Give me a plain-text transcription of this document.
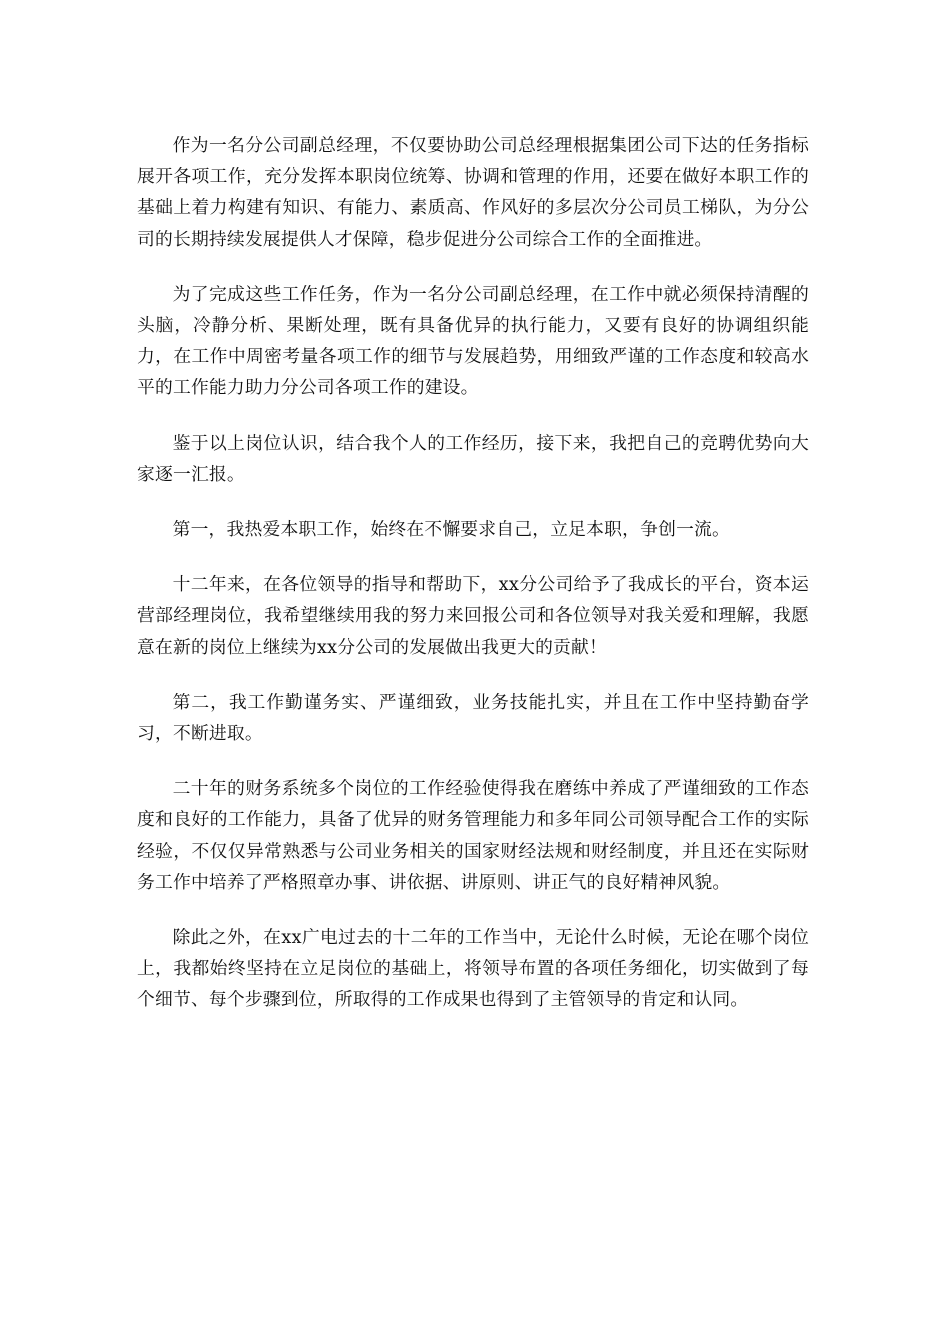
作为一名分公司副总经理，不仅要协助公司总经理根据集团公司下达的任务指标展开各项工作，充分发挥本职岗位统筹、协调和管理的作用，还要在做好本职工作的基础上着力构建有知识、有能力、素质高、作风好的多层次分公司员工梯队，为分公司的长期持续发展提供人才保障，稳步促进分公司综合工作的全面推进。

为了完成这些工作任务，作为一名分公司副总经理，在工作中就必须保持清醒的头脑，冷静分析、果断处理，既有具备优异的执行能力，又要有良好的协调组织能力，在工作中周密考量各项工作的细节与发展趋势，用细致严谨的工作态度和较高水平的工作能力助力分公司各项工作的建设。

鉴于以上岗位认识，结合我个人的工作经历，接下来，我把自己的竞聘优势向大家逐一汇报。

第一，我热爱本职工作，始终在不懈要求自己，立足本职，争创一流。

十二年来，在各位领导的指导和帮助下，xx分公司给予了我成长的平台，资本运营部经理岗位，我希望继续用我的努力来回报公司和各位领导对我关爱和理解，我愿意在新的岗位上继续为xx分公司的发展做出我更大的贡献！

第二，我工作勤谨务实、严谨细致，业务技能扎实，并且在工作中坚持勤奋学习，不断进取。

二十年的财务系统多个岗位的工作经验使得我在磨练中养成了严谨细致的工作态度和良好的工作能力，具备了优异的财务管理能力和多年同公司领导配合工作的实际经验，不仅仅异常熟悉与公司业务相关的国家财经法规和财经制度，并且还在实际财务工作中培养了严格照章办事、讲依据、讲原则、讲正气的良好精神风貌。

除此之外，在xx广电过去的十二年的工作当中，无论什么时候，无论在哪个岗位上，我都始终坚持在立足岗位的基础上，将领导布置的各项任务细化，切实做到了每个细节、每个步骤到位，所取得的工作成果也得到了主管领导的肯定和认同。
